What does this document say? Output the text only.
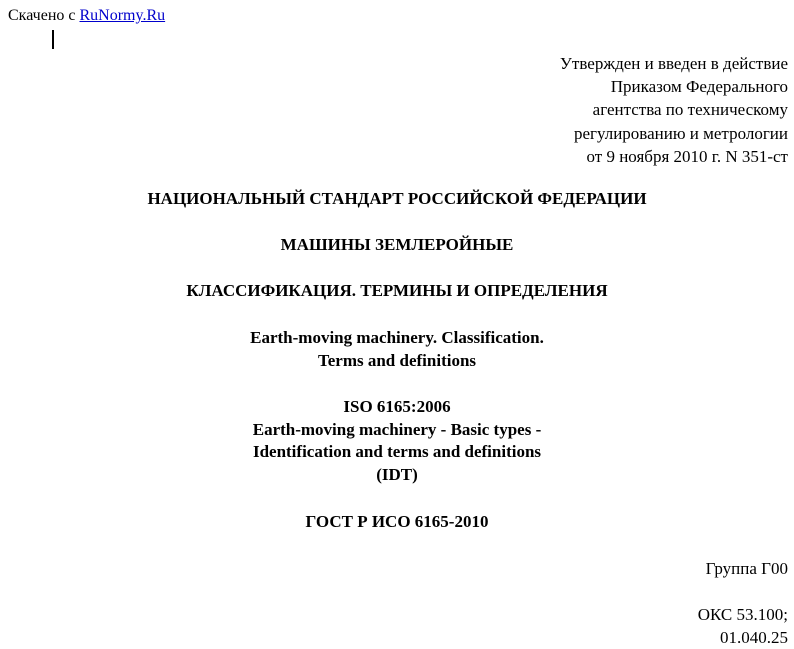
Скачено с RuNormy.Ru
Утвержден и введен в действие
Приказом Федерального
агентства по техническому
регулированию и метрологии
от 9 ноября 2010 г. N 351-ст
НАЦИОНАЛЬНЫЙ СТАНДАРТ РОССИЙСКОЙ ФЕДЕРАЦИИ
МАШИНЫ ЗЕМЛЕРОЙНЫЕ
КЛАССИФИКАЦИЯ. ТЕРМИНЫ И ОПРЕДЕЛЕНИЯ
Earth-moving machinery. Classification.
Terms and definitions
ISO 6165:2006
Earth-moving machinery - Basic types -
Identification and terms and definitions
(IDT)
ГОСТ Р ИСО 6165-2010
Группа Г00
ОКС 53.100;
01.040.25
